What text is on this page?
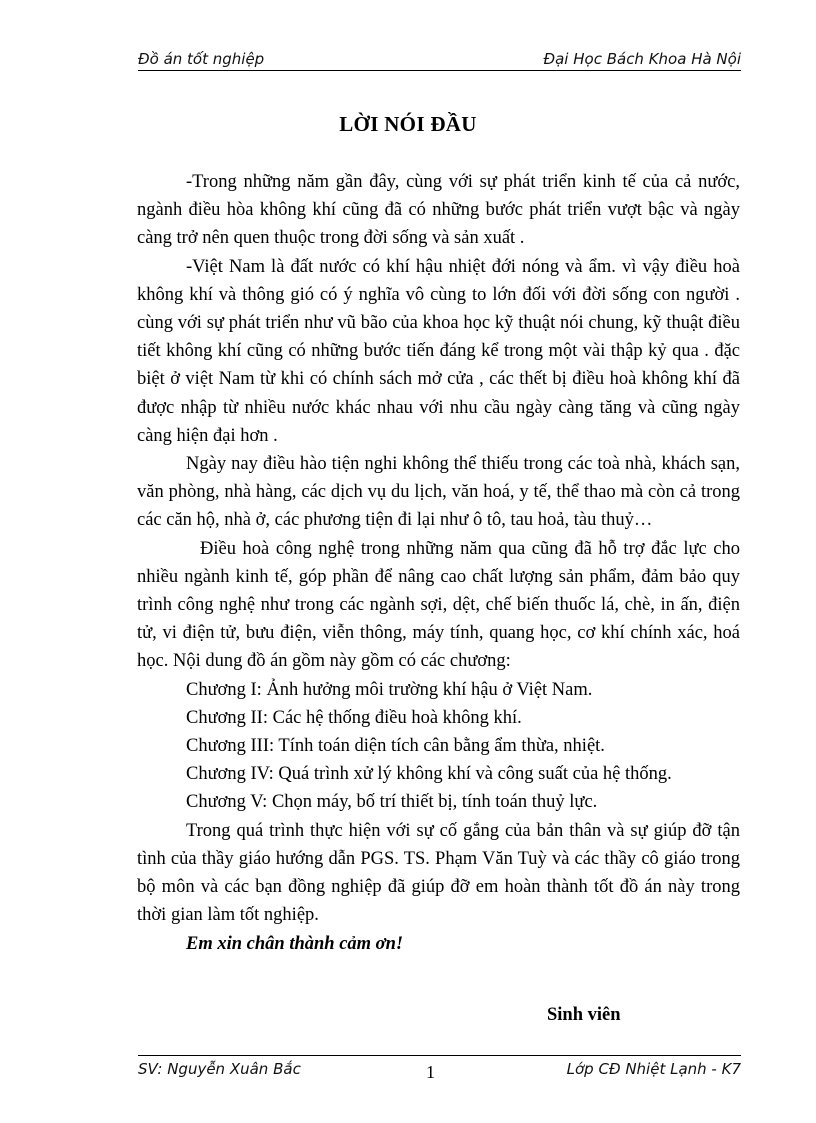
Đồ án tốt nghiệp	Đại Học Bách Khoa Hà Nội
LỜI NÓI ĐẦU

-Trong những năm gần đây, cùng với sự phát triển kinh tế của cả nước, ngành điều hòa không khí cũng đã có những bước phát triển vượt bậc và ngày càng trở nên quen thuộc trong đời sống và sản xuất .

-Việt Nam là đất nước có khí hậu nhiệt đới nóng và ẩm. vì vậy điều hoà không khí và thông gió có ý nghĩa vô cùng to lớn đối với đời sống con người . cùng với sự phát triển như vũ bão của khoa học kỹ thuật nói chung, kỹ thuật điều tiết không khí cũng có những bước tiến đáng kể trong một vài thập kỷ qua . đặc biệt ở việt Nam từ khi có chính sách mở cửa , các thết bị điều hoà không khí đã được nhập từ nhiều nước khác nhau với nhu cầu ngày càng tăng và cũng ngày càng hiện đại hơn .

Ngày nay điều hào tiện nghi không thể thiếu trong các toà nhà, khách sạn, văn phòng, nhà hàng, các dịch vụ du lịch, văn hoá, y tế, thể thao mà còn cả trong các căn hộ, nhà ở, các phương tiện đi lại như ô tô, tau hoả, tàu thuỷ…

Điều hoà công nghệ trong những năm qua cũng đã hỗ trợ đắc lực cho nhiều ngành kinh tế, góp phần để nâng cao chất lượng sản phẩm, đảm bảo quy trình công nghệ như trong các ngành sợi, dệt, chế biến thuốc lá, chè, in ấn, điện tử, vi điện tử, bưu điện, viễn thông, máy tính, quang học, cơ khí chính xác, hoá học. Nội dung đồ án gồm này gồm có các chương:

Chương I: Ảnh hưởng môi trường khí hậu ở Việt Nam.

Chương II: Các hệ thống điều hoà không khí.

Chương III: Tính toán diện tích cân bằng ẩm thừa, nhiệt.

Chương IV: Quá trình xử lý không khí và công suất của hệ thống.

Chương V: Chọn máy, bố trí thiết bị, tính toán thuỷ lực.

Trong quá trình thực hiện với sự cố gắng của bản thân và sự giúp đỡ tận tình của thầy giáo hướng dẫn PGS. TS. Phạm Văn Tuỳ và các thầy cô giáo trong bộ môn và các bạn đồng nghiệp đã giúp đỡ em hoàn thành tốt đồ án này trong thời gian làm tốt nghiệp.

Em xin chân thành cảm ơn!

Sinh viên
SV: Nguyễn Xuân Bắc	1	Lớp CĐ Nhiệt Lạnh - K7
